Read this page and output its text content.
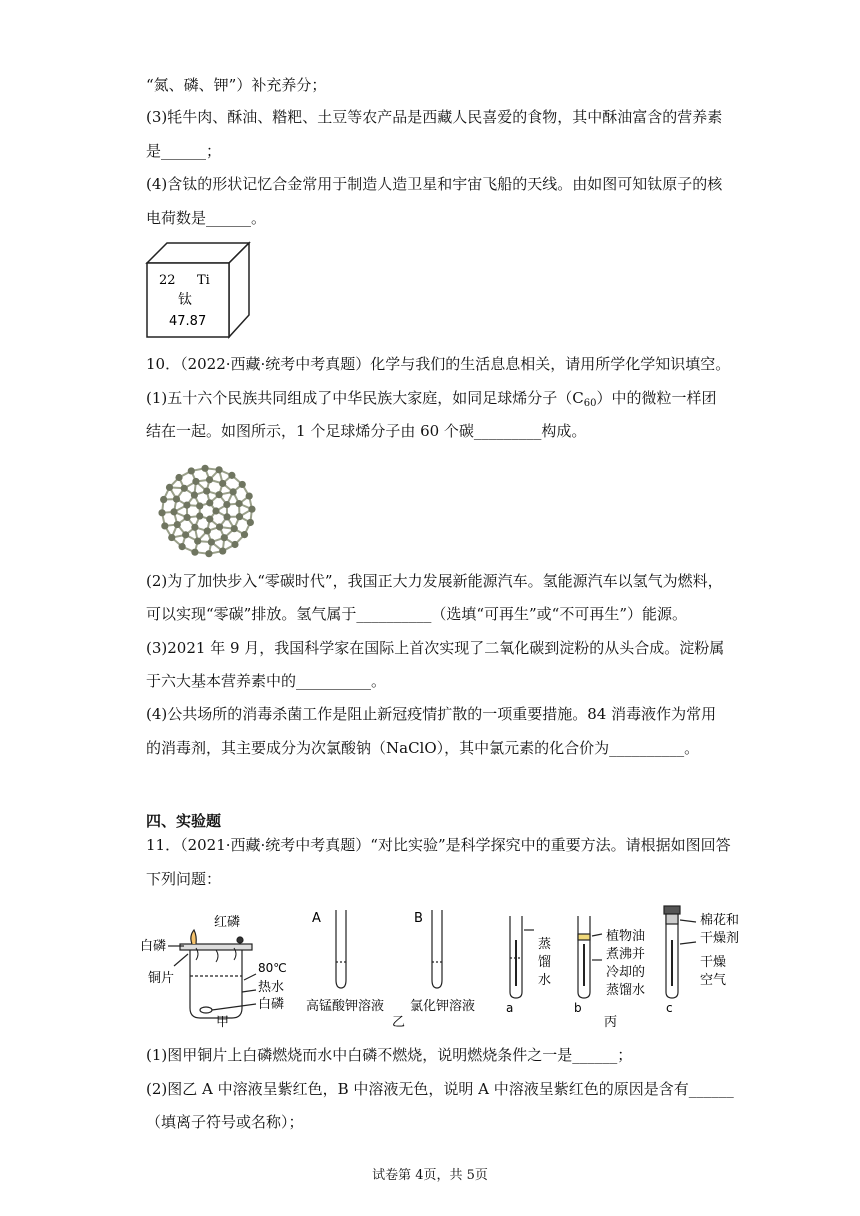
“氮、磷、钾”）补充养分；
(3)牦牛肉、酥油、糌粑、土豆等农产品是西藏人民喜爱的食物，其中酥油富含的营养素
是______；
(4)含钛的形状记忆合金常用于制造人造卫星和宇宙飞船的天线。由如图可知钛原子的核
电荷数是______。
22 Ti
钛
47.87
10．（2022·西藏·统考中考真题）化学与我们的生活息息相关，请用所学化学知识填空。
(1)五十六个民族共同组成了中华民族大家庭，如同足球烯分子$(C_{60})$中的微粒一样团
结在一起。如图所示，1 个足球烯分子由 60 个碳_________构成。
(2)为了加快步入“零碳时代”，我国正大力发展新能源汽车。氢能源汽车以氢气为燃料，
可以实现“零碳”排放。氢气属于__________（选填“可再生”或“不可再生”）能源。
(3)2021 年 9 月，我国科学家在国际上首次实现了二氧化碳到淀粉的从头合成。淀粉属
于六大基本营养素中的__________。
(4)公共场所的消毒杀菌工作是阻止新冠疫情扩散的一项重要措施。84 消毒液作为常用
的消毒剂，其主要成分为次氯酸钠（NaClO），其中氯元素的化合价为__________。
四、实验题
11．（2021·西藏·统考中考真题）“对比实验”是科学探究中的重要方法。请根据如图回答
下列问题：
红磷
白磷
铜片
80℃
热水
白磷
甲
A	B
高锰酸钾溶液 氯化钾溶液
乙
a	b	c
蒸
馏
水
植物油
煮沸并
冷却的
蒸馏水
棉花和
干燥剂
干燥
空气
丙
(1)图甲铜片上白磷燃烧而水中白磷不燃烧，说明燃烧条件之一是______；
(2)图乙 A 中溶液呈紫红色，B 中溶液无色，说明 A 中溶液呈紫红色的原因是含有______
（填离子符号或名称）；
试卷第 4页，共 5页
